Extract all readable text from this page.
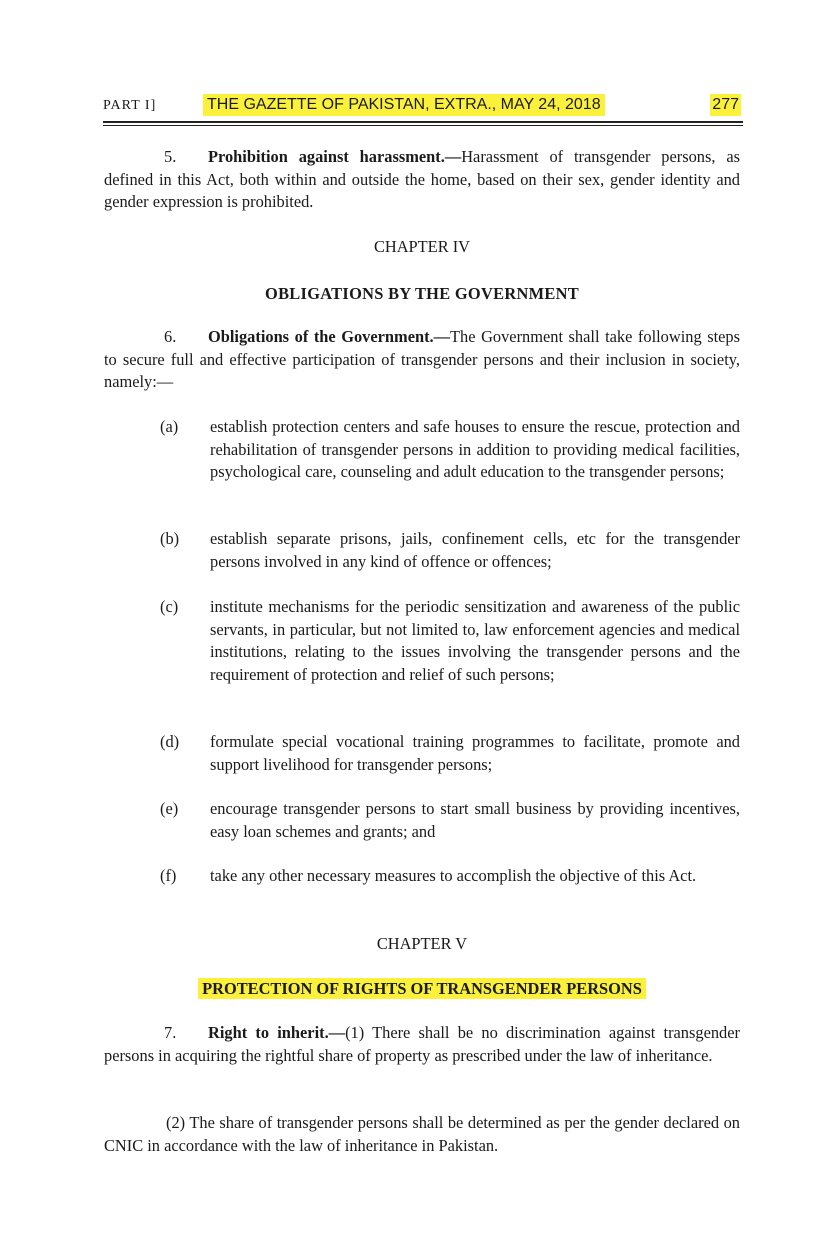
PART I]	THE GAZETTE OF PAKISTAN, EXTRA., MAY 24, 2018	277
5. Prohibition against harassment.—Harassment of transgender persons, as defined in this Act, both within and outside the home, based on their sex, gender identity and gender expression is prohibited.
CHAPTER IV
OBLIGATIONS BY THE GOVERNMENT
6. Obligations of the Government.—The Government shall take following steps to secure full and effective participation of transgender persons and their inclusion in society, namely:—
(a)	establish protection centers and safe houses to ensure the rescue, protection and rehabilitation of transgender persons in addition to providing medical facilities, psychological care, counseling and adult education to the transgender persons;
(b)	establish separate prisons, jails, confinement cells, etc for the transgender persons involved in any kind of offence or offences;
(c)	institute mechanisms for the periodic sensitization and awareness of the public servants, in particular, but not limited to, law enforcement agencies and medical institutions, relating to the issues involving the transgender persons and the requirement of protection and relief of such persons;
(d)	formulate special vocational training programmes to facilitate, promote and support livelihood for transgender persons;
(e)	encourage transgender persons to start small business by providing incentives, easy loan schemes and grants; and
(f)	take any other necessary measures to accomplish the objective of this Act.
CHAPTER V
PROTECTION OF RIGHTS OF TRANSGENDER PERSONS
7. Right to inherit.—(1) There shall be no discrimination against transgender persons in acquiring the rightful share of property as prescribed under the law of inheritance.
(2) The share of transgender persons shall be determined as per the gender declared on CNIC in accordance with the law of inheritance in Pakistan.
